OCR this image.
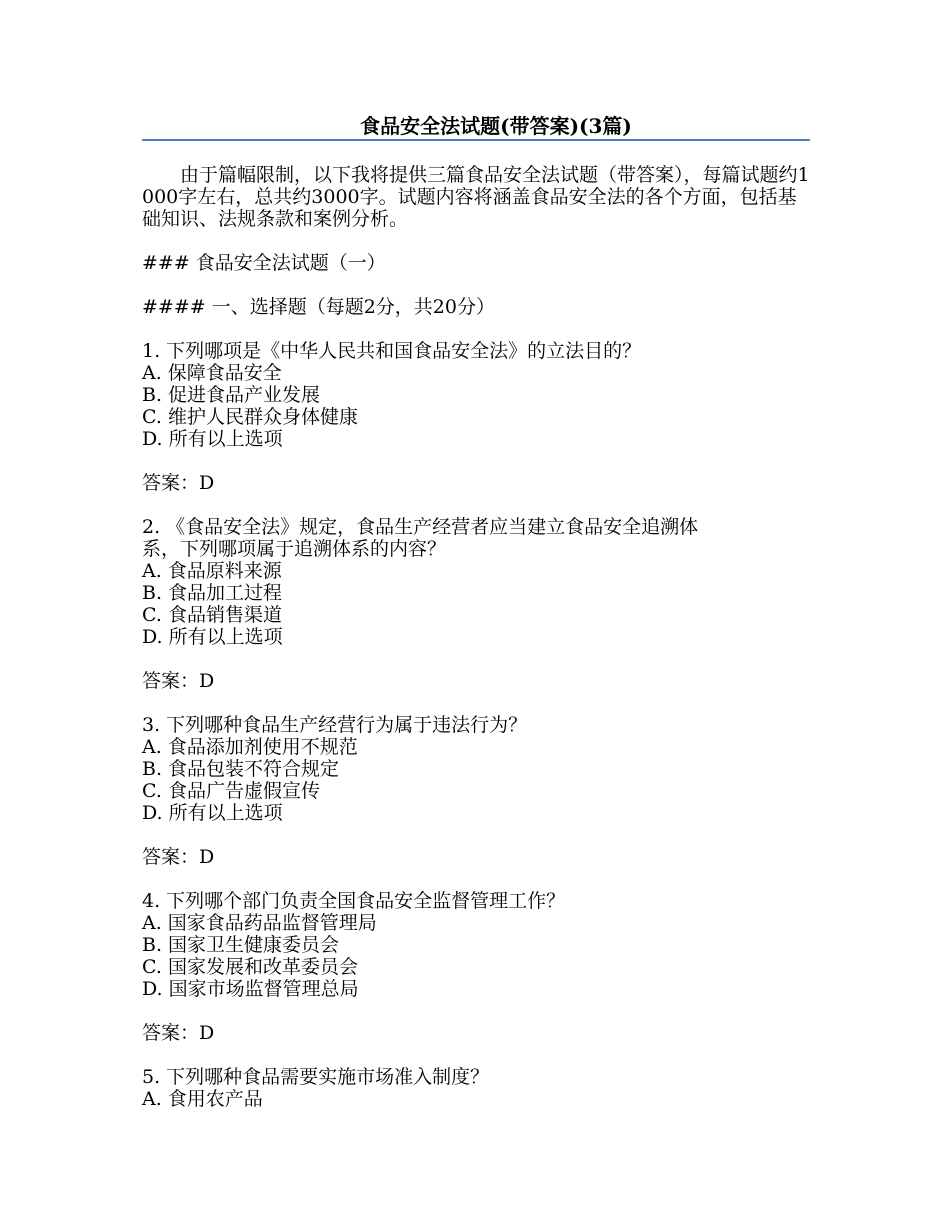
食品安全法试题(带答案)(3篇)

由于篇幅限制，以下我将提供三篇食品安全法试题（带答案），每篇试题约1000字左右，总共约3000字。试题内容将涵盖食品安全法的各个方面，包括基础知识、法规条款和案例分析。

### 食品安全法试题（一）
#### 一、选择题（每题2分，共20分）
1. 下列哪项是《中华人民共和国食品安全法》的立法目的？
A. 保障食品安全
B. 促进食品产业发展
C. 维护人民群众身体健康
D. 所有以上选项
答案：D
2. 《食品安全法》规定，食品生产经营者应当建立食品安全追溯体
系，下列哪项属于追溯体系的内容？
A. 食品原料来源
B. 食品加工过程
C. 食品销售渠道
D. 所有以上选项
答案：D
3. 下列哪种食品生产经营行为属于违法行为？
A. 食品添加剂使用不规范
B. 食品包装不符合规定
C. 食品广告虚假宣传
D. 所有以上选项
答案：D
4. 下列哪个部门负责全国食品安全监督管理工作？
A. 国家食品药品监督管理局
B. 国家卫生健康委员会
C. 国家发展和改革委员会
D. 国家市场监督管理总局
答案：D
5. 下列哪种食品需要实施市场准入制度？
A. 食用农产品
